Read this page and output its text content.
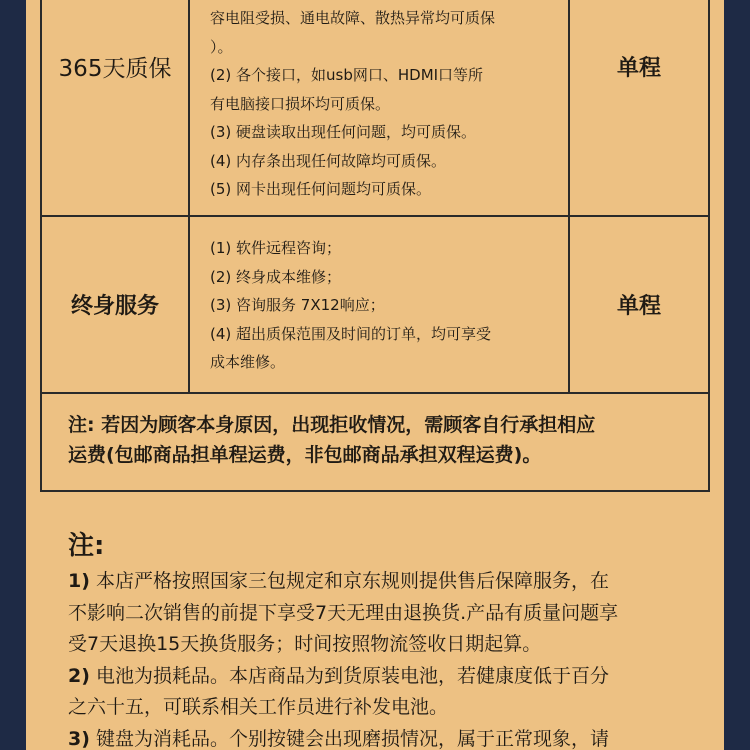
365天质保
容电阻受损、通电故障、散热异常均可质保
）。
(2) 各个接口，如usb网口、HDMI口等所
有电脑接口损坏均可质保。
(3) 硬盘读取出现任何问题，均可质保。
(4) 内存条出现任何故障均可质保。
(5) 网卡出现任何问题均可质保。
单程
终身服务
(1) 软件远程咨询；
(2) 终身成本维修；
(3) 咨询服务 7X12响应；
(4) 超出质保范围及时间的订单，均可享受
成本维修。
单程
注: 若因为顾客本身原因，出现拒收情况，需顾客自行承担相应
运费(包邮商品担单程运费，非包邮商品承担双程运费)。
注:
1) 本店严格按照国家三包规定和京东规则提供售后保障服务，在
不影响二次销售的前提下享受7天无理由退换货.产品有质量问题享
受7天退换15天换货服务；时间按照物流签收日期起算。
2) 电池为损耗品。本店商品为到货原装电池，若健康度低于百分
之六十五，可联系相关工作员进行补发电池。
3) 键盘为消耗品。个别按键会出现磨损情况，属于正常现象，请
